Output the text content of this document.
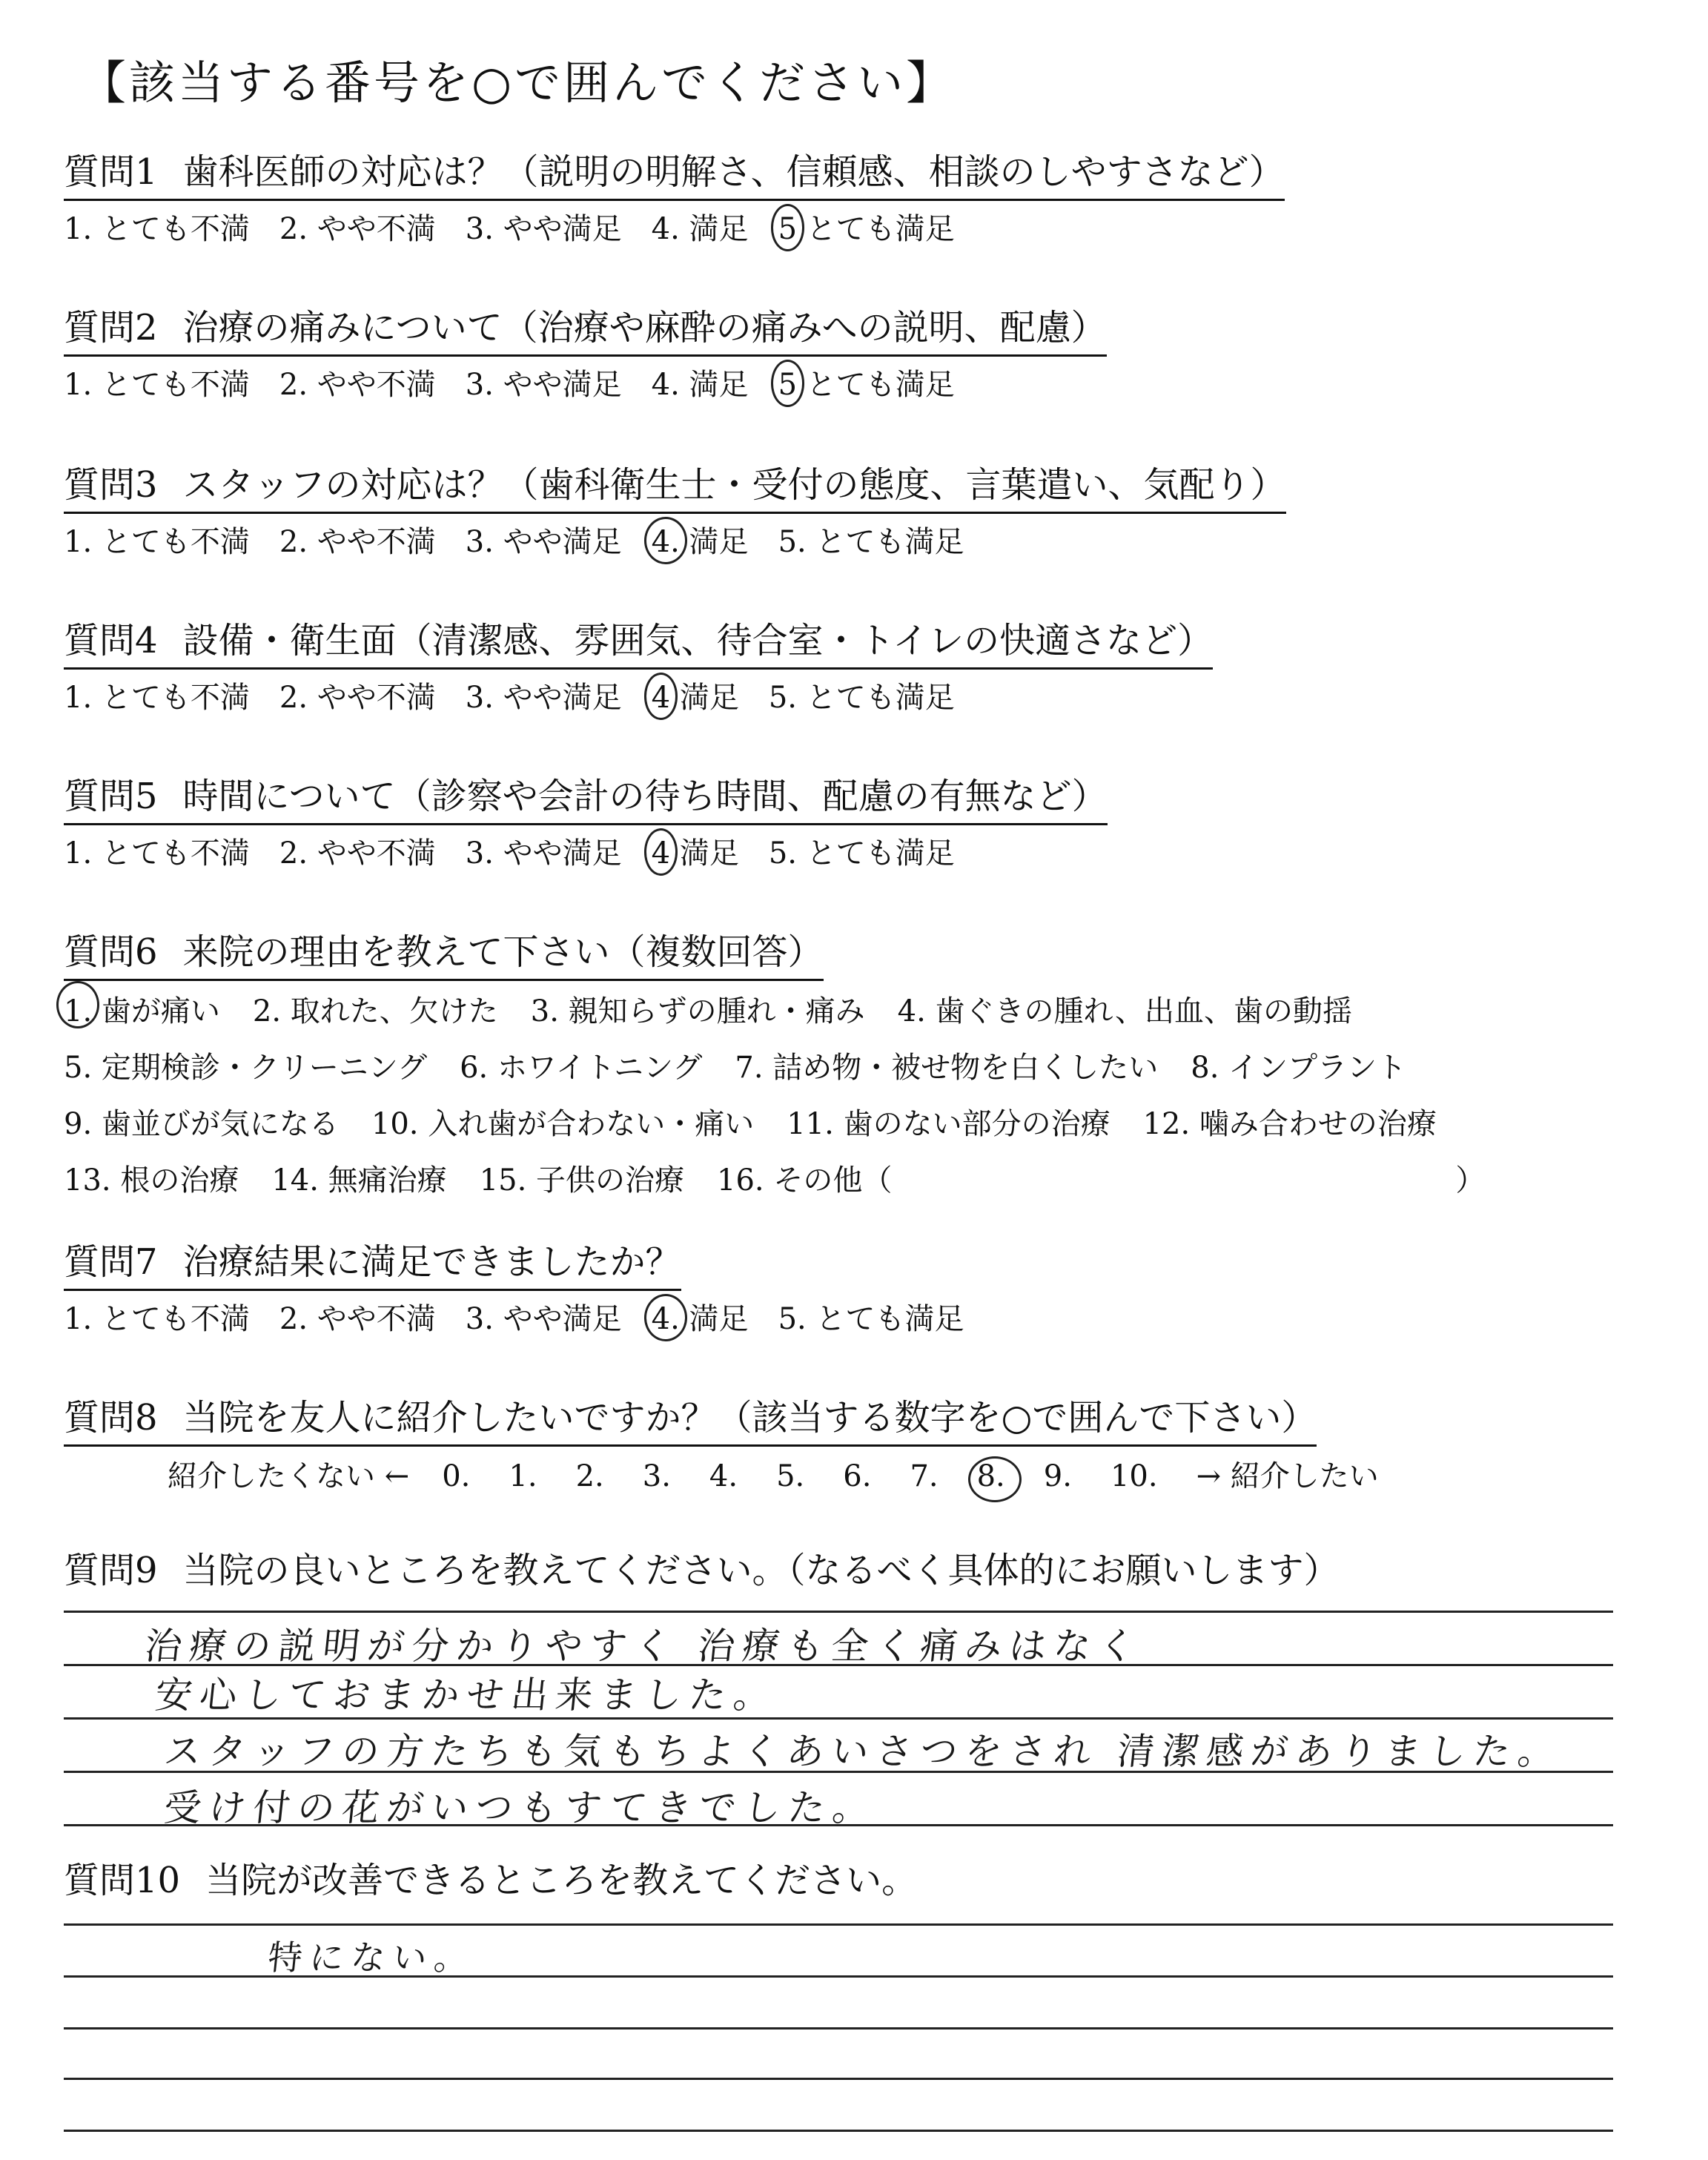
【該当する番号を○で囲んでください】
質問1 歯科医師の対応は？（説明の明解さ、信頼感、相談のしやすさなど）
1. とても不満 2. やや不満 3. やや満足 4. 満足 5 とても満足
質問2 治療の痛みについて（治療や麻酔の痛みへの説明、配慮）
1. とても不満 2. やや不満 3. やや満足 4. 満足 5 とても満足
質問3 スタッフの対応は？（歯科衛生士・受付の態度、言葉遣い、気配り）
1. とても不満 2. やや不満 3. やや満足 4. 満足 5. とても満足
質問4 設備・衛生面（清潔感、雰囲気、待合室・トイレの快適さなど）
1. とても不満 2. やや不満 3. やや満足 4 満足 5. とても満足
質問5 時間について（診察や会計の待ち時間、配慮の有無など）
1. とても不満 2. やや不満 3. やや満足 4 満足 5. とても満足
質問6 来院の理由を教えて下さい（複数回答）
1. 歯が痛い 2. 取れた、欠けた 3. 親知らずの腫れ・痛み 4. 歯ぐきの腫れ、出血、歯の動揺
5. 定期検診・クリーニング 6. ホワイトニング 7. 詰め物・被せ物を白くしたい 8. インプラント
9. 歯並びが気になる 10. 入れ歯が合わない・痛い 11. 歯のない部分の治療 12. 噛み合わせの治療
13. 根の治療 14. 無痛治療 15. 子供の治療 16. その他（	）
質問7 治療結果に満足できましたか？
1. とても不満 2. やや不満 3. やや満足 4. 満足 5. とても満足
質問8 当院を友人に紹介したいですか？（該当する数字を○で囲んで下さい）
紹介したくない ← 0. 1. 2. 3. 4. 5. 6. 7. 8. 9. 10. → 紹介したい
質問9 当院の良いところを教えてください。（なるべく具体的にお願いします）
治療の説明が分かりやすく 治療も全く痛みはなく
安心しておまかせ出来ました。
スタッフの方たちも気もちよくあいさつをされ 清潔感がありました。
受け付の花がいつもすてきでした。
質問10 当院が改善できるところを教えてください。
特にない。
